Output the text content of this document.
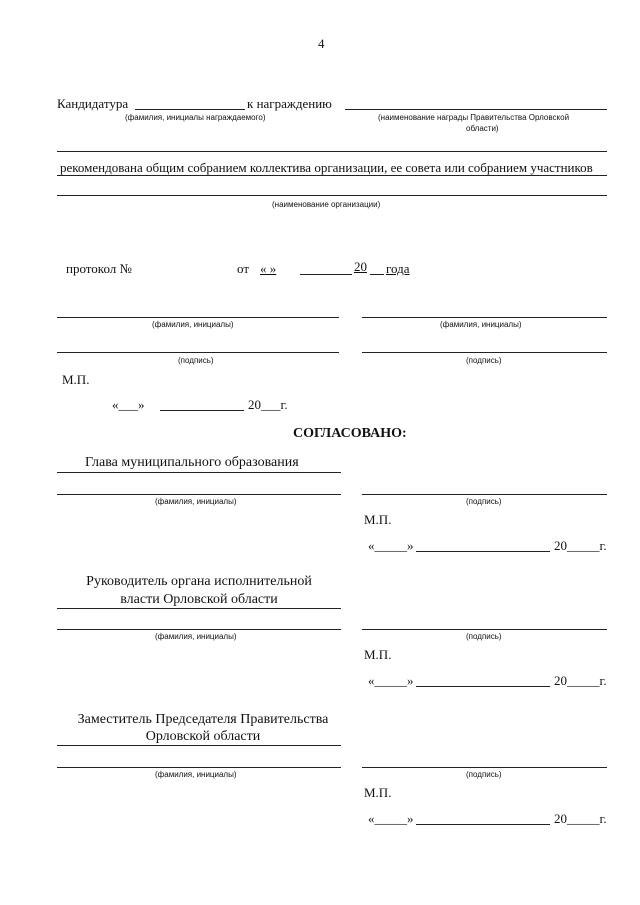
4
Кандидатура	к награждению
(фамилия, инициалы награждаемого)	(наименование награды Правительства Орловской
области)
рекомендована общим собранием коллектива организации, ее совета или собранием участников
(наименование организации)
протокол №	от « »	20 года
(фамилия, инициалы)	(фамилия, инициалы)
(подпись)	(подпись)
М.П.
«___»	20___г.
СОГЛАСОВАНО:
Глава муниципального образования
(фамилия, инициалы)	(подпись)
М.П.
«_____»	20_____г.
Руководитель органа исполнительной
власти Орловской области
(фамилия, инициалы)	(подпись)
М.П.
«_____»	20_____г.
Заместитель Председателя Правительства
Орловской области
(фамилия, инициалы)	(подпись)
М.П.
«_____»	20_____г.
